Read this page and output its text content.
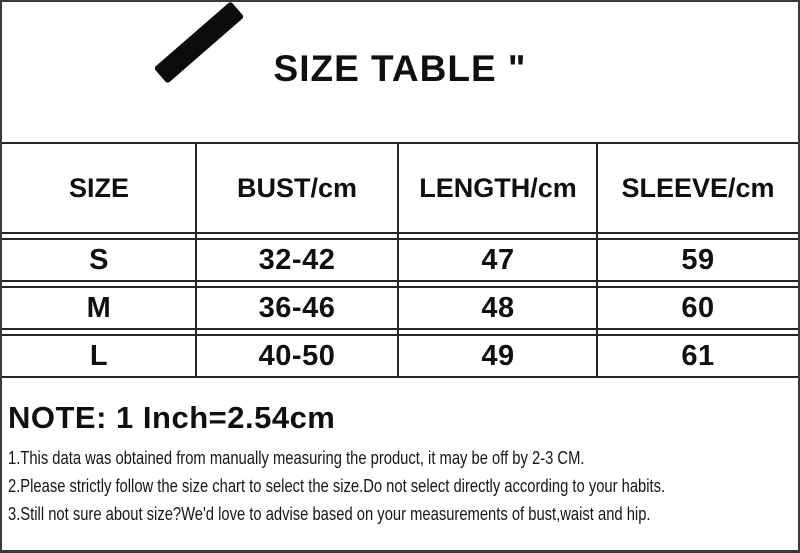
SIZE TABLE "
SIZE	BUST/cm	LENGTH/cm	SLEEVE/cm
S	32-42	47	59
M	36-46	48	60
L	40-50	49	61
NOTE: 1 Inch=2.54cm
1.This data was obtained from manually measuring the product, it may be off by 2-3 CM.
2.Please strictly follow the size chart to select the size.Do not select directly according to your habits.
3.Still not sure about size?We'd love to advise based on your measurements of bust,waist and hip.
